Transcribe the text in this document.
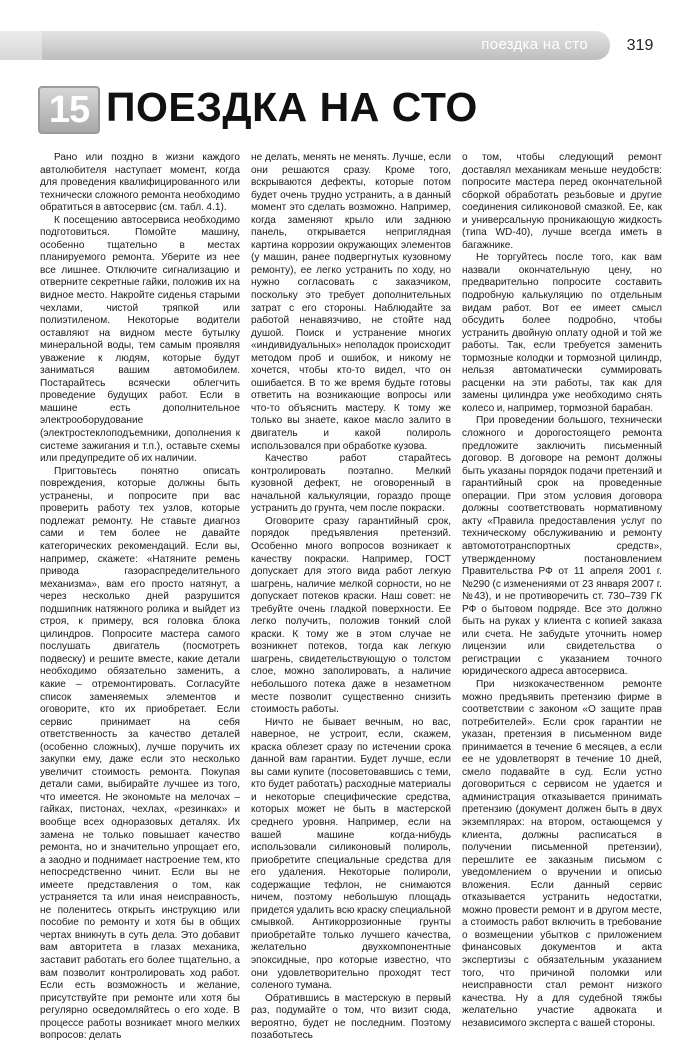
поездка на сто	319
15 ПОЕЗДКА НА СТО

Рано или поздно в жизни каждого автолюбителя наступает момент, когда для проведения квалифицированного или технически сложного ремонта необходимо обратиться в автосервис (см. табл. 4.1).

К посещению автосервиса необходимо подготовиться. Помойте машину, особенно тщательно в местах планируемого ремонта. Уберите из нее все лишнее. Отключите сигнализацию и отверните секретные гайки, положив их на видное место. Накройте сиденья старыми чехлами, чистой тряпкой или полиэтиленом. Некоторые водители оставляют на видном месте бутылку минеральной воды, тем самым проявляя уважение к людям, которые будут заниматься вашим автомобилем. Постарайтесь всячески облегчить проведение будущих работ. Если в машине есть дополнительное электрооборудование (электростеклоподъемники, дополнения к системе зажигания и т.п.), оставьте схемы или предупредите об их наличии.

Пригтовьтесь понятно описать повреждения, которые должны быть устранены, и попросите при вас проверить работу тех узлов, которые подлежат ремонту. Не ставьте диагноз сами и тем более не давайте категорических рекомендаций. Если вы, например, скажете: «Натяните ремень привода газораспределительного механизма», вам его просто натянут, а через несколько дней разрушится подшипник натяжного ролика и выйдет из строя, к примеру, вся головка блока цилиндров. Попросите мастера самого послушать двигатель (посмотреть подвеску) и решите вместе, какие детали необходимо обязательно заменить, а какие – отремонтировать. Согласуйте список заменяемых элементов и оговорите, кто их приобретает. Если сервис принимает на себя ответственность за качество деталей (особенно сложных), лучше поручить их закупки ему, даже если это несколько увеличит стоимость ремонта. Покупая детали сами, выбирайте лучшее из того, что имеется. Не экономьте на мелочах – гайках, пистонах, чехлах, «резинках» и вообще всех одноразовых деталях. Их замена не только повышает качество ремонта, но и значительно упрощает его, а заодно и поднимает настроение тем, кто непосредственно чинит. Если вы не имеете представления о том, как устраняется та или иная неисправность, не поленитесь открыть инструкцию или пособие по ремонту и хотя бы в общих чертах вникнуть в суть дела. Это добавит вам авторитета в глазах механика, заставит работать его более тщательно, а вам позволит контролировать ход работ. Если есть возможность и желание, присутствуйте при ремонте или хотя бы регулярно осведомляйтесь о его ходе. В процессе работы возникает много мелких вопросов: делать

не делать, менять не менять. Лучше, если они решаются сразу. Кроме того, вскрываются дефекты, которые потом будет очень трудно устранить, а в данный момент это сделать возможно. Например, когда заменяют крыло или заднюю панель, открывается неприглядная картина коррозии окружающих элементов (у машин, ранее подвергнутых кузовному ремонту), ее легко устранить по ходу, но нужно согласовать с заказчиком, поскольку это требует дополнительных затрат с его стороны. Наблюдайте за работой ненавязчиво, не стойте над душой. Поиск и устранение многих «индивидуальных» неполадок происходит методом проб и ошибок, и никому не хочется, чтобы кто-то видел, что он ошибается. В то же время будьте готовы ответить на возникающие вопросы или что-то объяснить мастеру. К тому же только вы знаете, какое масло залито в двигатель и какой полироль использовался при обработке кузова.

Качество работ старайтесь контролировать поэтапно. Мелкий кузовной дефект, не оговоренный в начальной калькуляции, гораздо проще устранить до грунта, чем после покраски.

Оговорите сразу гарантийный срок, порядок предъявления претензий. Особенно много вопросов возникает к качеству покраски. Например, ГОСТ допускает для этого вида работ легкую шагрень, наличие мелкой сорности, но не допускает потеков краски. Наш совет: не требуйте очень гладкой поверхности. Ее легко получить, положив тонкий слой краски. К тому же в этом случае не возникнет потеков, тогда как легкую шагрень, свидетельствующую о толстом слое, можно заполировать, а наличие небольшого потека даже в незаметном месте позволит существенно снизить стоимость работы.

Ничто не бывает вечным, но вас, наверное, не устроит, если, скажем, краска облезет сразу по истечении срока данной вам гарантии. Будет лучше, если вы сами купите (посоветовавшись с теми, кто будет работать) расходные материалы и некоторые специфические средства, которых может не быть в мастерской среднего уровня. Например, если на вашей машине когда-нибудь использовали силиконовый полироль, приобретите специальные средства для его удаления. Некоторые полироли, содержащие тефлон, не снимаются ничем, поэтому небольшую площадь придется удалить всю краску специальной смывкой. Антикоррозионные грунты приобретайте только лучшего качества, желательно двухкомпонентные эпоксидные, про которые известно, что они удовлетворительно проходят тест соленого тумана.

Обратившись в мастерскую в первый раз, подумайте о том, что визит сюда, вероятно, будет не последним. Поэтому позаботьтесь

о том, чтобы следующий ремонт доставлял механикам меньше неудобств: попросите мастера перед окончательной сборкой обработать резьбовые и другие соединения силиконовой смазкой. Ее, как и универсальную проникающую жидкость (типа WD-40), лучше всегда иметь в багажнике.

Не торгуйтесь после того, как вам назвали окончательную цену, но предварительно попросите составить подробную калькуляцию по отдельным видам работ. Вот ее имеет смысл обсудить более подробно, чтобы устранить двойную оплату одной и той же работы. Так, если требуется заменить тормозные колодки и тормозной цилиндр, нельзя автоматически суммировать расценки на эти работы, так как для замены цилиндра уже необходимо снять колесо и, например, тормозной барабан.

При проведении большого, технически сложного и дорогостоящего ремонта предложите заключить письменный договор. В договоре на ремонт должны быть указаны порядок подачи претензий и гарантийный срок на проведенные операции. При этом условия договора должны соответствовать нормативному акту «Правила предоставления услуг по техническому обслуживанию и ремонту автомототранспортных средств», утвержденному постановлением Правительства РФ от 11 апреля 2001 г. №290 (с изменениями от 23 января 2007 г. №43), и не противоречить ст. 730–739 ГК РФ о бытовом подряде. Все это должно быть на руках у клиента с копией заказа или счета. Не забудьте уточнить номер лицензии или свидетельства о регистрации с указанием точного юридического адреса автосервиса.

При низкокачественном ремонте можно предъявить претензию фирме в соответствии с законом «О защите прав потребителей». Если срок гарантии не указан, претензия в письменном виде принимается в течение 6 месяцев, а если ее не удовлетворят в течение 10 дней, смело подавайте в суд. Если устно договориться с сервисом не удается и администрация отказывается принимать претензию (документ должен быть в двух экземплярах: на втором, остающемся у клиента, должны расписаться в получении письменной претензии), перешлите ее заказным письмом с уведомлением о вручении и описью вложения. Если данный сервис отказывается устранить недостатки, можно провести ремонт и в другом месте, а стоимость работ включить в требование о возмещении убытков с приложением финансовых документов и акта экспертизы с обязательным указанием того, что причиной поломки или неисправности стал ремонт низкого качества. Ну а для судебной тяжбы желательно участие адвоката и независимого эксперта с вашей стороны.
